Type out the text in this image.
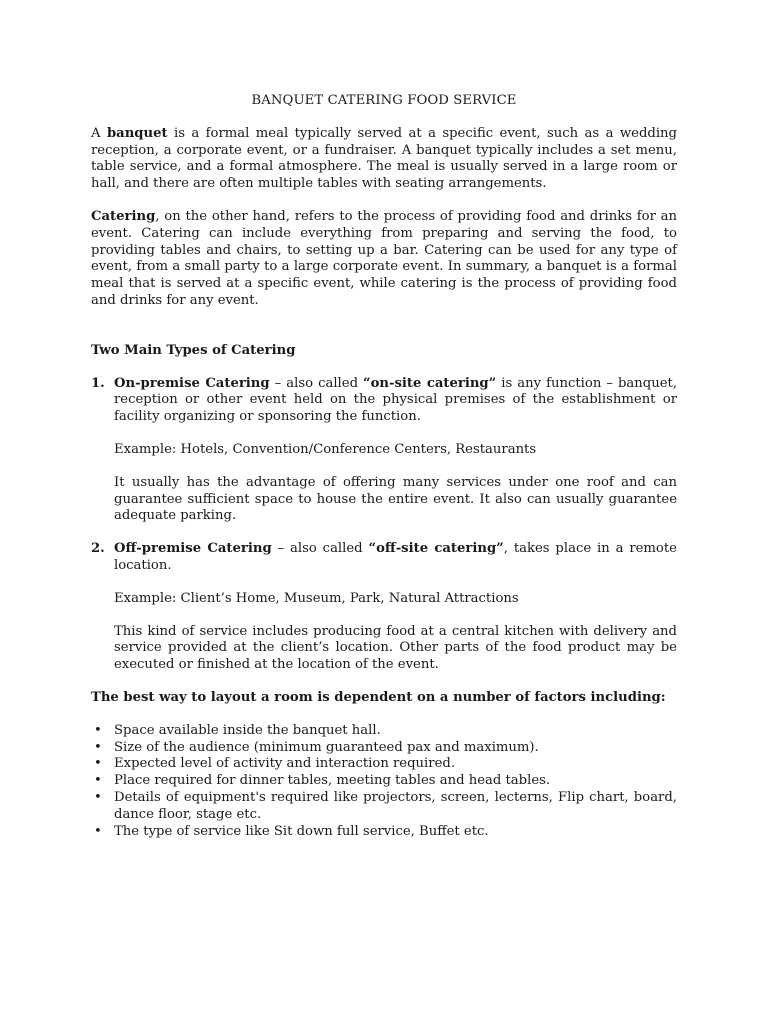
BANQUET CATERING FOOD SERVICE

A banquet is a formal meal typically served at a specific event, such as a wedding reception, a corporate event, or a fundraiser. A banquet typically includes a set menu, table service, and a formal atmosphere. The meal is usually served in a large room or hall, and there are often multiple tables with seating arrangements.

Catering, on the other hand, refers to the process of providing food and drinks for an event. Catering can include everything from preparing and serving the food, to providing tables and chairs, to setting up a bar. Catering can be used for any type of event, from a small party to a large corporate event. In summary, a banquet is a formal meal that is served at a specific event, while catering is the process of providing food and drinks for any event.

Two Main Types of Catering

1. On-premise Catering – also called “on-site catering” is any function – banquet, reception or other event held on the physical premises of the establishment or facility organizing or sponsoring the function.

Example: Hotels, Convention/Conference Centers, Restaurants

It usually has the advantage of offering many services under one roof and can guarantee sufficient space to house the entire event. It also can usually guarantee adequate parking.

2. Off-premise Catering – also called “off-site catering”, takes place in a remote location.

Example: Client’s Home, Museum, Park, Natural Attractions

This kind of service includes producing food at a central kitchen with delivery and service provided at the client’s location. Other parts of the food product may be executed or finished at the location of the event.

The best way to layout a room is dependent on a number of factors including:

• Space available inside the banquet hall.
• Size of the audience (minimum guaranteed pax and maximum).
• Expected level of activity and interaction required.
• Place required for dinner tables, meeting tables and head tables.
• Details of equipment's required like projectors, screen, lecterns, Flip chart, board, dance floor, stage etc.
• The type of service like Sit down full service, Buffet etc.
